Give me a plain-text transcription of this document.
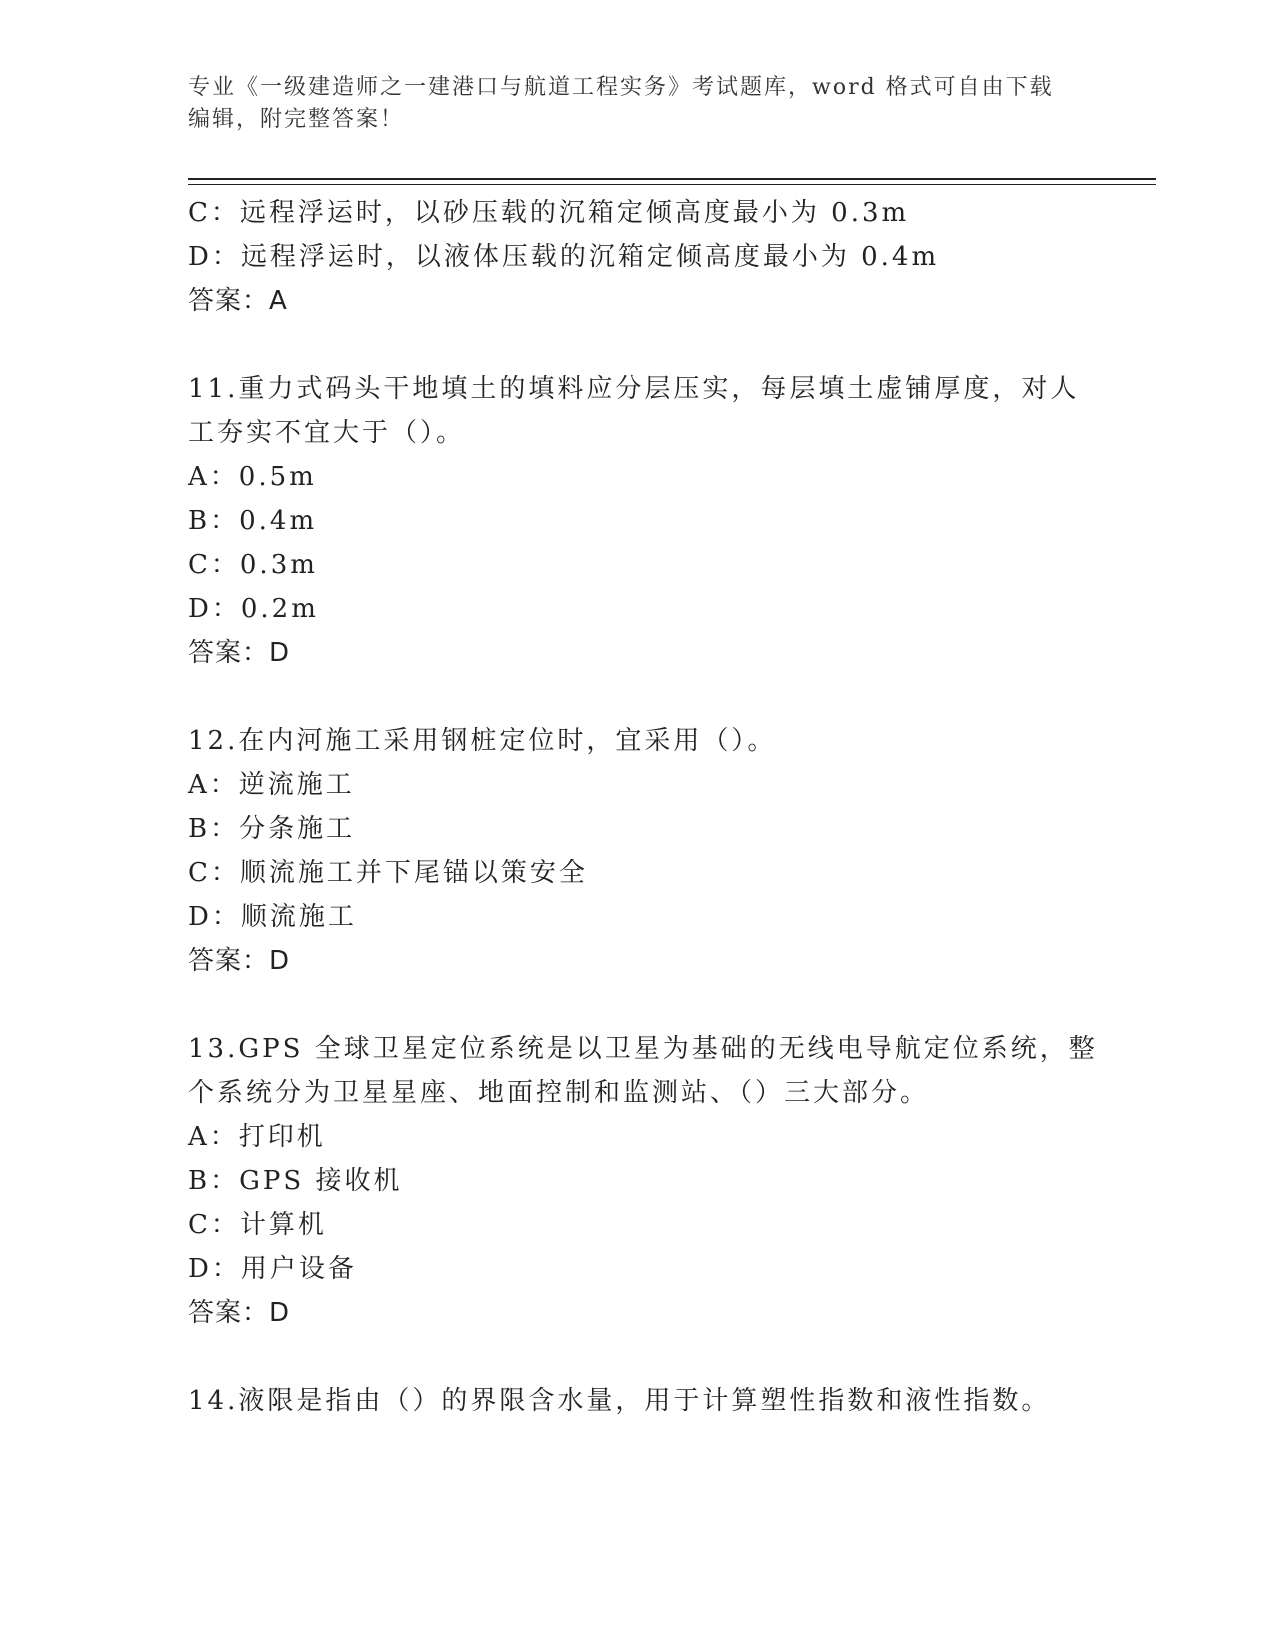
专业《一级建造师之一建港口与航道工程实务》考试题库，word 格式可自由下载
编辑，附完整答案！
C：远程浮运时，以砂压载的沉箱定倾高度最小为 0.3m
D：远程浮运时，以液体压载的沉箱定倾高度最小为 0.4m
答案：A
11.重力式码头干地填土的填料应分层压实，每层填土虚铺厚度，对人
工夯实不宜大于（）。
A：0.5m
B：0.4m
C：0.3m
D：0.2m
答案：D
12.在内河施工采用钢桩定位时，宜采用（）。
A：逆流施工
B：分条施工
C：顺流施工并下尾锚以策安全
D：顺流施工
答案：D
13.GPS 全球卫星定位系统是以卫星为基础的无线电导航定位系统，整
个系统分为卫星星座、地面控制和监测站、（）三大部分。
A：打印机
B：GPS 接收机
C：计算机
D：用户设备
答案：D
14.液限是指由（）的界限含水量，用于计算塑性指数和液性指数。
